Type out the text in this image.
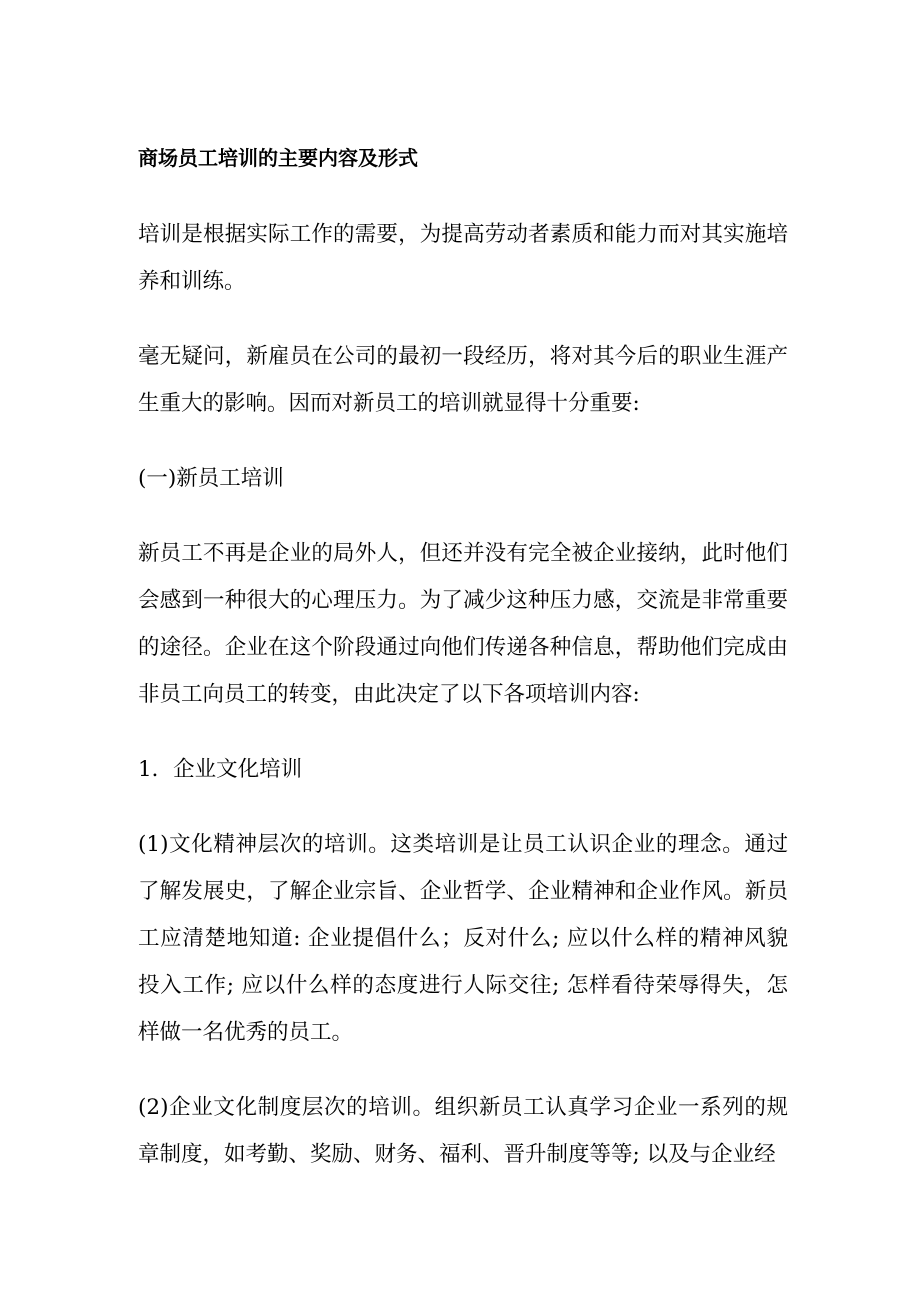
商场员工培训的主要内容及形式

培训是根据实际工作的需要，为提高劳动者素质和能力而对其实施培养和训练。

毫无疑问，新雇员在公司的最初一段经历，将对其今后的职业生涯产生重大的影响。因而对新员工的培训就显得十分重要:

(一)新员工培训

新员工不再是企业的局外人，但还并没有完全被企业接纳，此时他们会感到一种很大的心理压力。为了减少这种压力感，交流是非常重要的途径。企业在这个阶段通过向他们传递各种信息，帮助他们完成由非员工向员工的转变，由此决定了以下各项培训内容:

1．企业文化培训

(1)文化精神层次的培训。这类培训是让员工认识企业的理念。通过了解发展史，了解企业宗旨、企业哲学、企业精神和企业作风。新员工应清楚地知道: 企业提倡什么；反对什么; 应以什么样的精神风貌投入工作; 应以什么样的态度进行人际交往; 怎样看待荣辱得失，怎样做一名优秀的员工。

(2)企业文化制度层次的培训。组织新员工认真学习企业一系列的规章制度，如考勤、奖励、财务、福利、晋升制度等等; 以及与企业经
